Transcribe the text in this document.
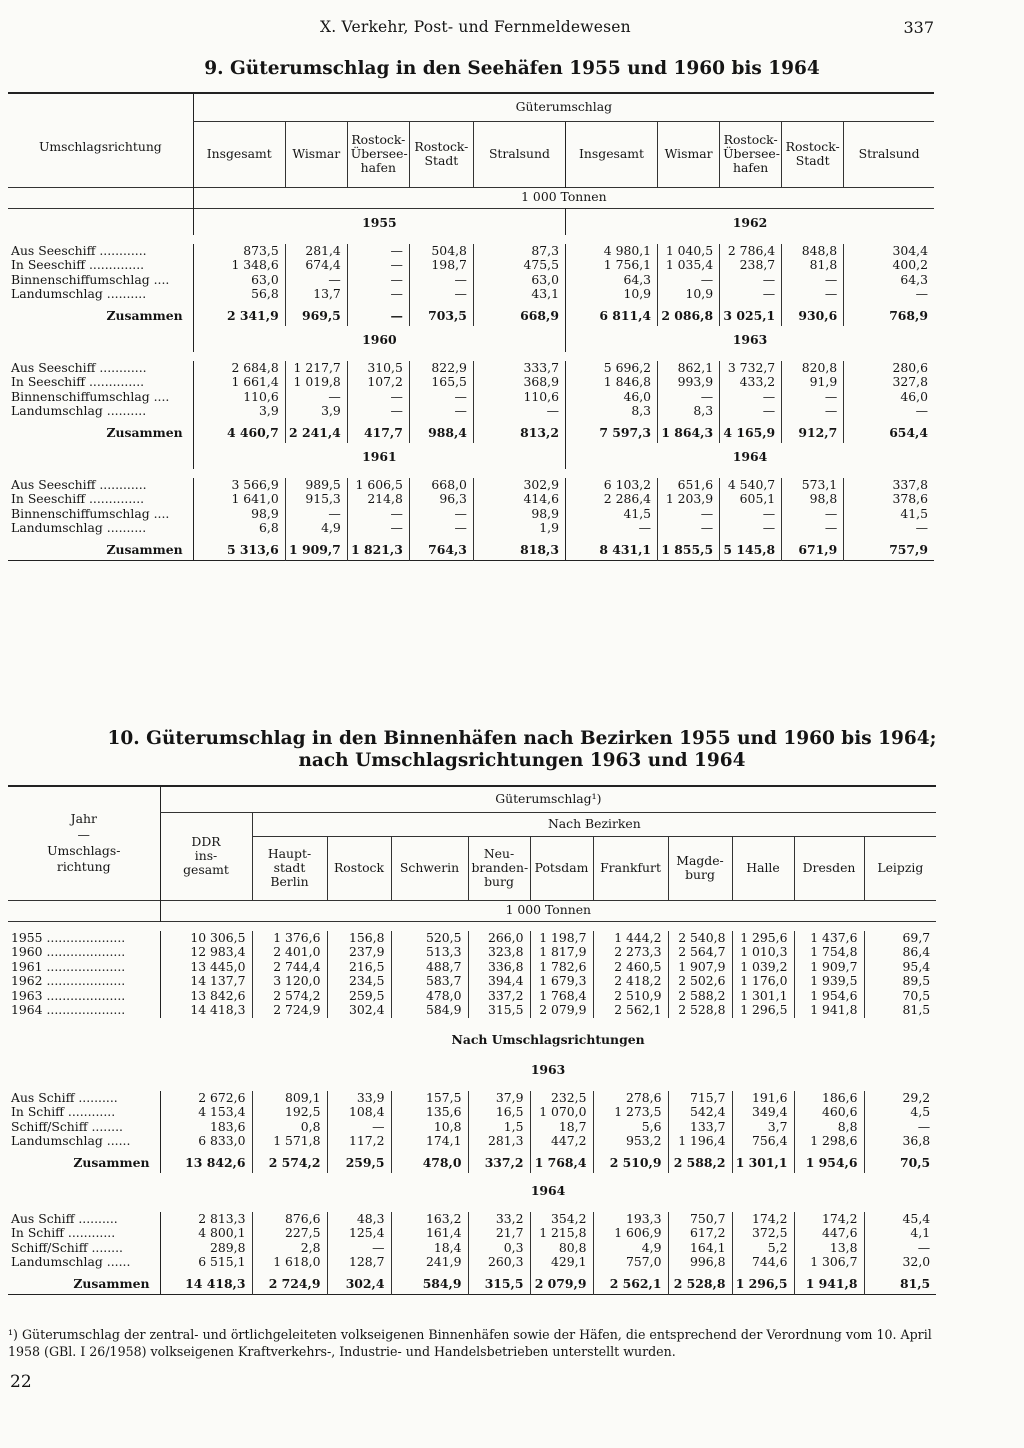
X. Verkehr, Post- und Fernmeldewesen	337
9. Güterumschlag in den Seehäfen 1955 und 1960 bis 1964
Umschlagsrichtung	Güterumschlag									
	Insgesamt	Wismar	Rostock-
Übersee-
hafen	Rostock-
Stadt	Stralsund	Insgesamt	Wismar	Rostock-
Übersee-
hafen	Rostock-
Stadt	Stralsund
	1 000 Tonnen									
	1955					1962				

Aus Seeschiff ............	873,5	281,4	—	504,8	87,3	4 980,1	1 040,5	2 786,4	848,8	304,4
In Seeschiff ..............	1 348,6	674,4	—	198,7	475,5	1 756,1	1 035,4	238,7	81,8	400,2
Binnenschiffumschlag ....	63,0	—	—	—	63,0	64,3	—	—	—	64,3
Landumschlag ..........	56,8	13,7	—	—	43,1	10,9	10,9	—	—	—
Zusammen	2 341,9	969,5	—	703,5	668,9	6 811,4	2 086,8	3 025,1	930,6	768,9
	1960					1963				

Aus Seeschiff ............	2 684,8	1 217,7	310,5	822,9	333,7	5 696,2	862,1	3 732,7	820,8	280,6
In Seeschiff ..............	1 661,4	1 019,8	107,2	165,5	368,9	1 846,8	993,9	433,2	91,9	327,8
Binnenschiffumschlag ....	110,6	—	—	—	110,6	46,0	—	—	—	46,0
Landumschlag ..........	3,9	3,9	—	—	—	8,3	8,3	—	—	—
Zusammen	4 460,7	2 241,4	417,7	988,4	813,2	7 597,3	1 864,3	4 165,9	912,7	654,4
	1961					1964				

Aus Seeschiff ............	3 566,9	989,5	1 606,5	668,0	302,9	6 103,2	651,6	4 540,7	573,1	337,8
In Seeschiff ..............	1 641,0	915,3	214,8	96,3	414,6	2 286,4	1 203,9	605,1	98,8	378,6
Binnenschiffumschlag ....	98,9	—	—	—	98,9	41,5	—	—	—	41,5
Landumschlag ..........	6,8	4,9	—	—	1,9	—	—	—	—	—
Zusammen	5 313,6	1 909,7	1 821,3	764,3	818,3	8 431,1	1 855,5	5 145,8	671,9	757,9
10. Güterumschlag in den Binnenhäfen nach Bezirken 1955 und 1960 bis 1964;
nach Umschlagsrichtungen 1963 und 1964
Jahr
—
Umschlags-
richtung	Güterumschlag¹)										
	DDR
ins-
gesamt	Nach Bezirken									
		Haupt-
stadt
Berlin	Rostock	Schwerin	Neu-
branden-
burg	Potsdam	Frankfurt	Magde-
burg	Halle	Dresden	Leipzig
	1 000 Tonnen										

1955 ....................	10 306,5	1 376,6	156,8	520,5	266,0	1 198,7	1 444,2	2 540,8	1 295,6	1 437,6	69,7
1960 ....................	12 983,4	2 401,0	237,9	513,3	323,8	1 817,9	2 273,3	2 564,7	1 010,3	1 754,8	86,4
1961 ....................	13 445,0	2 744,4	216,5	488,7	336,8	1 782,6	2 460,5	1 907,9	1 039,2	1 909,7	95,4
1962 ....................	14 137,7	3 120,0	234,5	583,7	394,4	1 679,3	2 418,2	2 502,6	1 176,0	1 939,5	89,5
1963 ....................	13 842,6	2 574,2	259,5	478,0	337,2	1 768,4	2 510,9	2 588,2	1 301,1	1 954,6	70,5
1964 ....................	14 418,3	2 724,9	302,4	584,9	315,5	2 079,9	2 562,1	2 528,8	1 296,5	1 941,8	81,5
	Nach Umschlagsrichtungen										
	1963										

Aus Schiff ..........	2 672,6	809,1	33,9	157,5	37,9	232,5	278,6	715,7	191,6	186,6	29,2
In Schiff ............	4 153,4	192,5	108,4	135,6	16,5	1 070,0	1 273,5	542,4	349,4	460,6	4,5
Schiff/Schiff ........	183,6	0,8	—	10,8	1,5	18,7	5,6	133,7	3,7	8,8	—
Landumschlag ......	6 833,0	1 571,8	117,2	174,1	281,3	447,2	953,2	1 196,4	756,4	1 298,6	36,8
Zusammen	13 842,6	2 574,2	259,5	478,0	337,2	1 768,4	2 510,9	2 588,2	1 301,1	1 954,6	70,5
	1964										

Aus Schiff ..........	2 813,3	876,6	48,3	163,2	33,2	354,2	193,3	750,7	174,2	174,2	45,4
In Schiff ............	4 800,1	227,5	125,4	161,4	21,7	1 215,8	1 606,9	617,2	372,5	447,6	4,1
Schiff/Schiff ........	289,8	2,8	—	18,4	0,3	80,8	4,9	164,1	5,2	13,8	—
Landumschlag ......	6 515,1	1 618,0	128,7	241,9	260,3	429,1	757,0	996,8	744,6	1 306,7	32,0
Zusammen	14 418,3	2 724,9	302,4	584,9	315,5	2 079,9	2 562,1	2 528,8	1 296,5	1 941,8	81,5
¹) Güterumschlag der zentral- und örtlichgeleiteten volkseigenen Binnenhäfen sowie der Häfen, die entsprechend der Verordnung vom 10. April 1958 (GBl. I 26/1958) volkseigenen Kraftverkehrs-, Industrie- und Handelsbetrieben unterstellt wurden.
22
